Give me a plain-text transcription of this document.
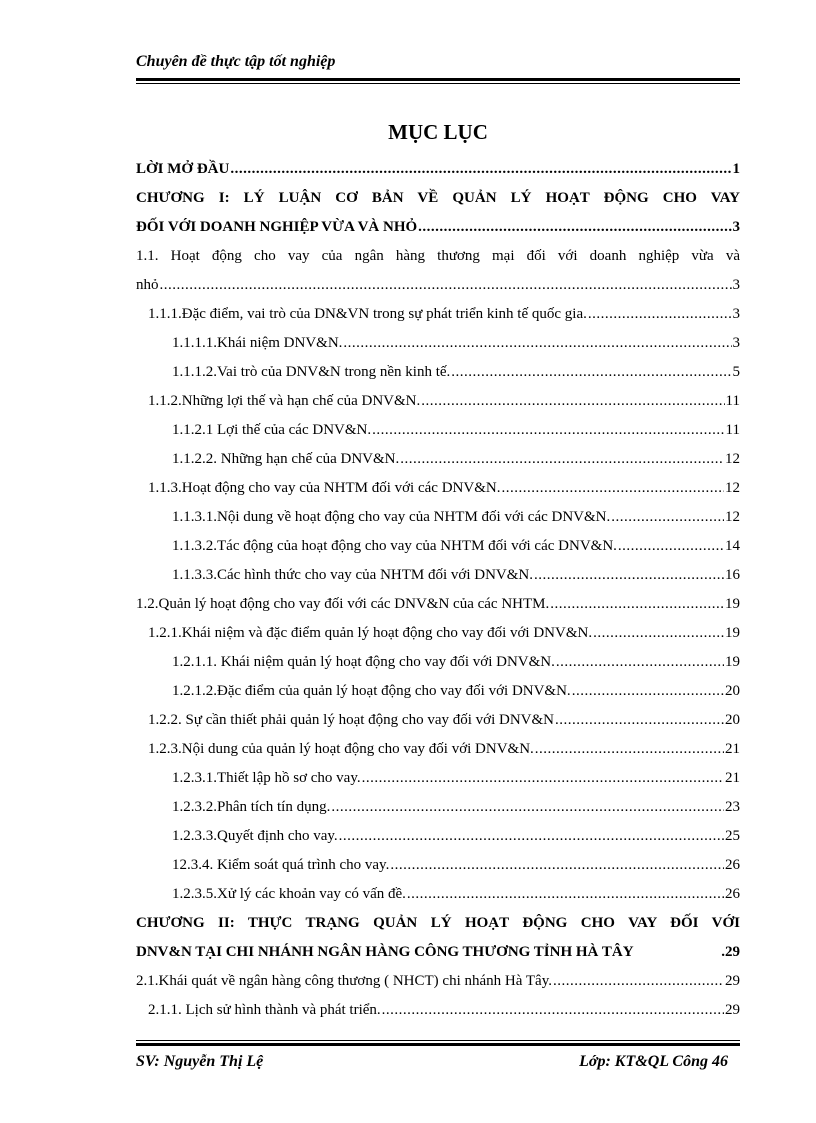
Chuyên đề thực tập tốt nghiệp
MỤC LỤC
LỜI MỞ ĐẦU .....	1
CHƯƠNG I: LÝ LUẬN CƠ BẢN VỀ QUẢN LÝ HOẠT ĐỘNG CHO VAY
ĐỐI VỚI DOANH NGHIỆP VỪA VÀ NHỎ .....	3
1.1. Hoạt động cho vay của ngân hàng thương mại đối với doanh nghiệp vừa và
nhỏ .....	3
1.1.1.Đặc điểm, vai trò của DN&VN trong sự phát triển kinh tế quốc gia. .....	3
1.1.1.1.Khái niệm DNV&N. .....	3
1.1.1.2.Vai trò của DNV&N trong nền kinh tế. .....	5
1.1.2.Những lợi thế và hạn chế của DNV&N. .....	11
1.1.2.1 Lợi thế của các DNV&N. .....	11
1.1.2.2. Những hạn chế của DNV&N. .....	12
1.1.3.Hoạt động cho vay của NHTM đối với các DNV&N. .....	12
1.1.3.1.Nội dung về hoạt động cho vay của NHTM đối với các DNV&N. .....	12
1.1.3.2.Tác động của hoạt động cho vay của NHTM đối với các DNV&N. .....	14
1.1.3.3.Các hình thức cho vay của NHTM đối với DNV&N. .....	16
1.2.Quản lý hoạt động cho vay đối với các DNV&N của các NHTM. .....	19
1.2.1.Khái niệm và đặc điểm quản lý hoạt động cho vay đối với DNV&N. .....	19
1.2.1.1. Khái niệm quản lý hoạt động cho vay đối với DNV&N. .....	19
1.2.1.2.Đặc điểm của quản lý hoạt động cho vay đối với DNV&N. .....	20
1.2.2. Sự cần thiết phải quản lý hoạt động cho vay đối với DNV&N .....	20
1.2.3.Nội dung của quản lý hoạt động cho vay đối với DNV&N. .....	21
1.2.3.1.Thiết lập hồ sơ cho vay. .....	21
1.2.3.2.Phân tích tín dụng. .....	23
1.2.3.3.Quyết định cho vay. .....	25
12.3.4. Kiểm soát quá trình cho vay. .....	26
1.2.3.5.Xử lý các khoản vay có vấn đề. .....	26
CHƯƠNG II: THỰC TRẠNG QUẢN LÝ HOẠT ĐỘNG CHO VAY ĐỐI VỚI
DNV&N TẠI CHI NHÁNH NGÂN HÀNG CÔNG THƯƠNG TỈNH HÀ TÂY	.29
2.1.Khái quát về ngân hàng công thương ( NHCT) chi nhánh Hà Tây. .....	29
2.1.1. Lịch sử hình thành và phát triển. .....	29
SV: Nguyễn Thị Lệ	Lớp: KT&QL Công 46
